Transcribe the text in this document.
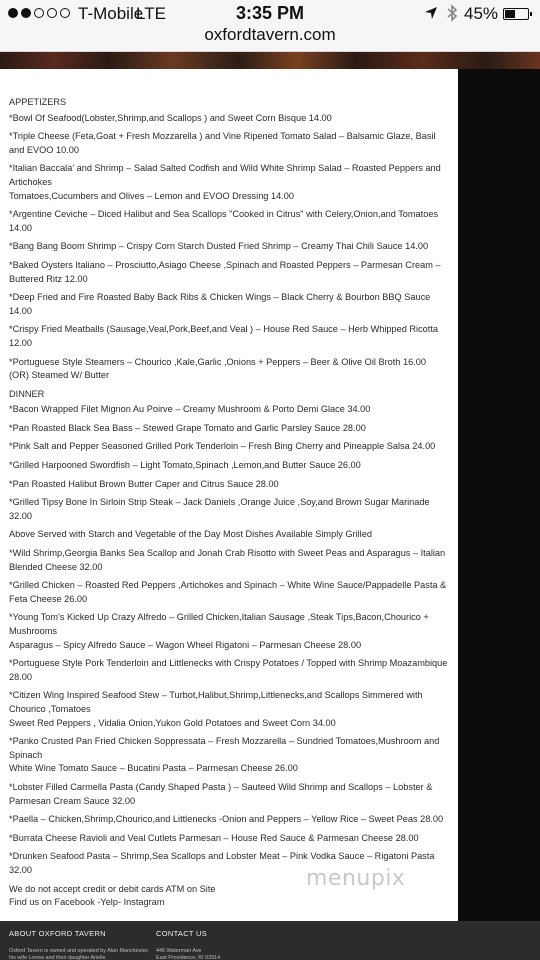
T-Mobile
LTE	3:35 PM	45%
oxfordtavern.com

APPETIZERS

*Bowl Of Seafood(Lobster,Shrimp,and Scallops ) and Sweet Corn Bisque 14.00

*Triple Cheese (Feta,Goat + Fresh Mozzarella ) and Vine Ripened Tomato Salad – Balsamic Glaze, Basil and EVOO 10.00

*Italian Baccala' and Shrimp – Salad Salted Codfish and Wild White Shrimp Salad – Roasted Peppers and Artichokes
Tomatoes,Cucumbers and Olives – Lemon and EVOO Dressing 14.00

*Argentine Ceviche – Diced Halibut and Sea Scallops "Cooked in Citrus" with Celery,Onion,and Tomatoes 14.00

*Bang Bang Boom Shrimp – Crispy Corn Starch Dusted Fried Shrimp – Creamy Thai Chili Sauce 14.00

*Baked Oysters Italiano – Prosciutto,Asiago Cheese ,Spinach and Roasted Peppers – Parmesan Cream – Buttered Ritz 12.00

*Deep Fried and Fire Roasted Baby Back Ribs & Chicken Wings – Black Cherry & Bourbon BBQ Sauce 14.00

*Crispy Fried Meatballs (Sausage,Veal,Pork,Beef,and Veal ) – House Red Sauce – Herb Whipped Ricotta 12.00

*Portuguese Style Steamers – Chourico ,Kale,Garlic ,Onions + Peppers – Beer & Olive Oil Broth 16.00 (OR) Steamed W/ Butter

DINNER

*Bacon Wrapped Filet Mignon Au Poirve – Creamy Mushroom & Porto Demi Glace 34.00

*Pan Roasted Black Sea Bass – Stewed Grape Tomato and Garlic Parsley Sauce 28.00

*Pink Salt and Pepper Seasoned Grilled Pork Tenderloin – Fresh Bing Cherry and Pineapple Salsa 24.00

*Grilled Harpooned Swordfish – Light Tomato,Spinach ,Lemon,and Butter Sauce 26.00

*Pan Roasted Halibut Brown Butter Caper and Citrus Sauce 28.00

*Grilled Tipsy Bone In Sirloin Strip Steak – Jack Daniels ,Orange Juice ,Soy,and Brown Sugar Marinade 32.00

Above Served with Starch and Vegetable of the Day Most Dishes Available Simply Grilled

*Wild Shrimp,Georgia Banks Sea Scallop and Jonah Crab Risotto with Sweet Peas and Asparagus – Italian Blended Cheese 32.00

*Grilled Chicken – Roasted Red Peppers ,Artichokes and Spinach – White Wine Sauce/Pappadelle Pasta & Feta Cheese 26.00

*Young Tom's Kicked Up Crazy Alfredo – Grilled Chicken,Italian Sausage ,Steak Tips,Bacon,Chourico + Mushrooms
Asparagus – Spicy Alfredo Sauce – Wagon Wheel Rigatoni – Parmesan Cheese 28.00

*Portuguese Style Pork Tenderloin and Littlenecks with Crispy Potatoes / Topped with Shrimp Moazambique 28.00

*Citizen Wing Inspired Seafood Stew – Turbot,Halibut,Shrimp,Littlenecks,and Scallops Simmered with Chourico ,Tomatoes
Sweet Red Peppers , Vidalia Onion,Yukon Gold Potatoes and Sweet Corn 34.00

*Panko Crusted Pan Fried Chicken Soppressata – Fresh Mozzarella – Sundried Tomatoes,Mushroom and Spinach
White Wine Tomato Sauce – Bucatini Pasta – Parmesan Cheese 26.00

*Lobster Filled Carmella Pasta (Candy Shaped Pasta ) – Sauteed Wild Shrimp and Scallops – Lobster & Parmesan Cream Sauce 32.00

*Paella – Chicken,Shrimp,Chourico,and Littlenecks -Onion and Peppers – Yellow Rice – Sweet Peas 28.00

*Burrata Cheese Ravioli and Veal Cutlets Parmesan – House Red Sauce & Parmesan Cheese 28.00

*Drunken Seafood Pasta – Shrimp,Sea Scallops and Lobster Meat – Pink Vodka Sauce – Rigatoni Pasta 32.00

We do not accept credit or debit cards ATM on Site

Find us on Facebook -Yelp- Instagram

menupix
ABOUT OXFORD TAVERN
Oxford Tavern is owned and operated by Alan Manchester, his wife Lorrea and their daughter Arielle
CONTACT US
446 Waterman Ave
East Providence, RI 02914
